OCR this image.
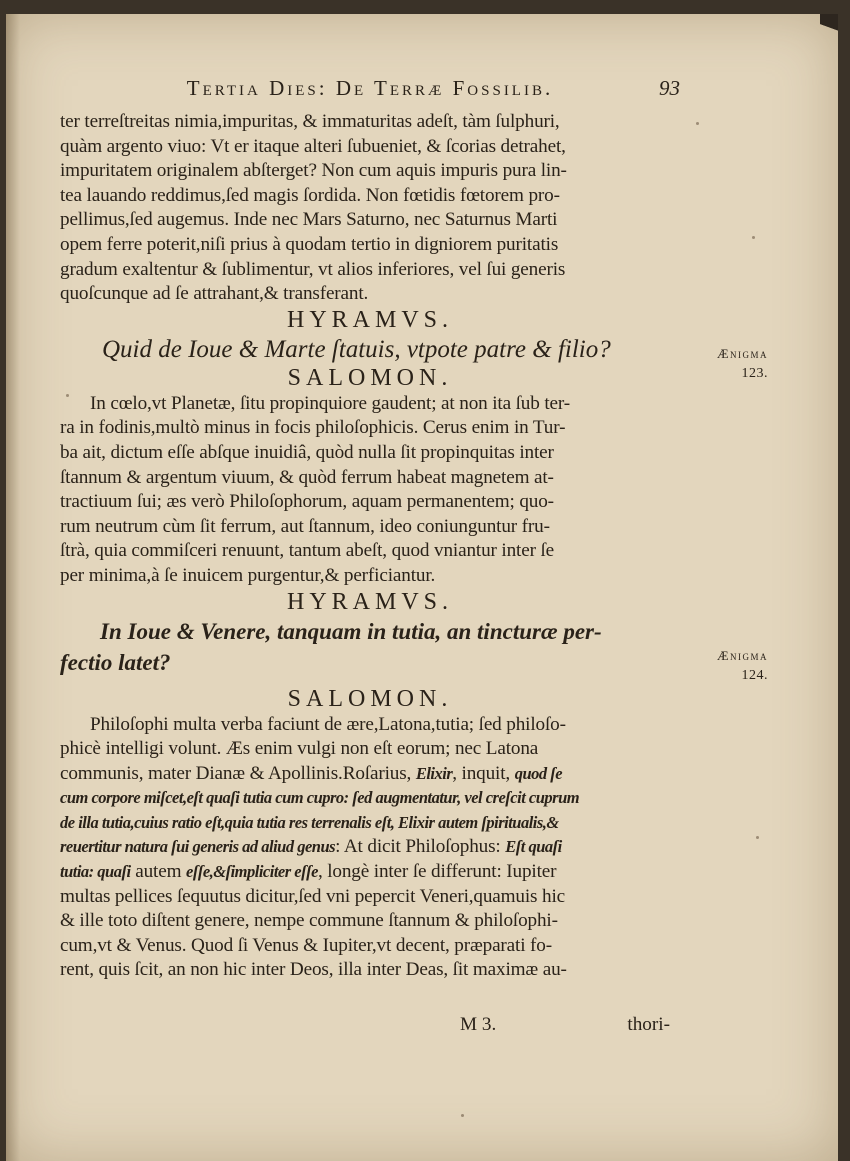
Tertia Dies: De Terræ Fossilib.	93
ter terreſtreitas nimia,impuritas, & immaturitas adeſt, tàm ſulphuri,
quàm argento viuo: Vt er itaque alteri ſubueniet, & ſcorias detrahet,
impuritatem originalem abſterget? Non cum aquis impuris pura lin-
tea lauando reddimus,ſed magis ſordida. Non fœtidis fœtorem pro-
pellimus,ſed augemus. Inde nec Mars Saturno, nec Saturnus Marti
opem ferre poterit,niſi prius à quodam tertio in digniorem puritatis
gradum exaltentur & ſublimentur, vt alios inferiores, vel ſui generis
quoſcunque ad ſe attrahant,& transferant.
HYRAMVS.
Quid de Ioue & Marte ſtatuis, vtpote patre & filio?
SALOMON.
In cœlo,vt Planetæ, ſitu propinquiore gaudent; at non ita ſub ter-
ra in fodinis,multò minus in focis philoſophicis. Cerus enim in Tur-
ba ait, dictum eſſe abſque inuidiâ, quòd nulla ſit propinquitas inter
ſtannum & argentum viuum, & quòd ferrum habeat magnetem at-
tractiuum ſui; æs verò Philoſophorum, aquam permanentem; quo-
rum neutrum cùm ſit ferrum, aut ſtannum, ideo coniunguntur fru-
ſtrà, quia commiſceri renuunt, tantum abeſt, quod vniantur inter ſe
per minima,à ſe inuicem purgentur,& perficiantur.
HYRAMVS.
In Ioue & Venere, tanquam in tutia, an tincturæ per-
fectio latet?
SALOMON.
Philoſophi multa verba faciunt de ære,Latona,tutia; ſed philoſo-
phicè intelligi volunt. Æs enim vulgi non eſt eorum; nec Latona
communis, mater Dianæ & Apollinis.Roſarius, Elixir, inquit, quod ſe
cum corpore miſcet,eſt quaſi tutia cum cupro: ſed augmentatur, vel creſcit cuprum
de illa tutia,cuius ratio eſt,quia tutia res terrenalis eſt, Elixir autem ſpiritualis,&
reuertitur natura ſui generis ad aliud genus: At dicit Philoſophus: Eſt quaſi
tutia: quaſi autem eſſe,&ſimpliciter eſſe, longè inter ſe differunt: Iupiter
multas pellices ſequutus dicitur,ſed vni pepercit Veneri,quamuis hic
& ille toto diſtent genere, nempe commune ſtannum & philoſophi-
cum,vt & Venus. Quod ſi Venus & Iupiter,vt decent, præparati fo-
rent, quis ſcit, an non hic inter Deos, illa inter Deas, ſit maximæ au-
Ænigma
123.
Ænigma
124.
M 3.	thori-
